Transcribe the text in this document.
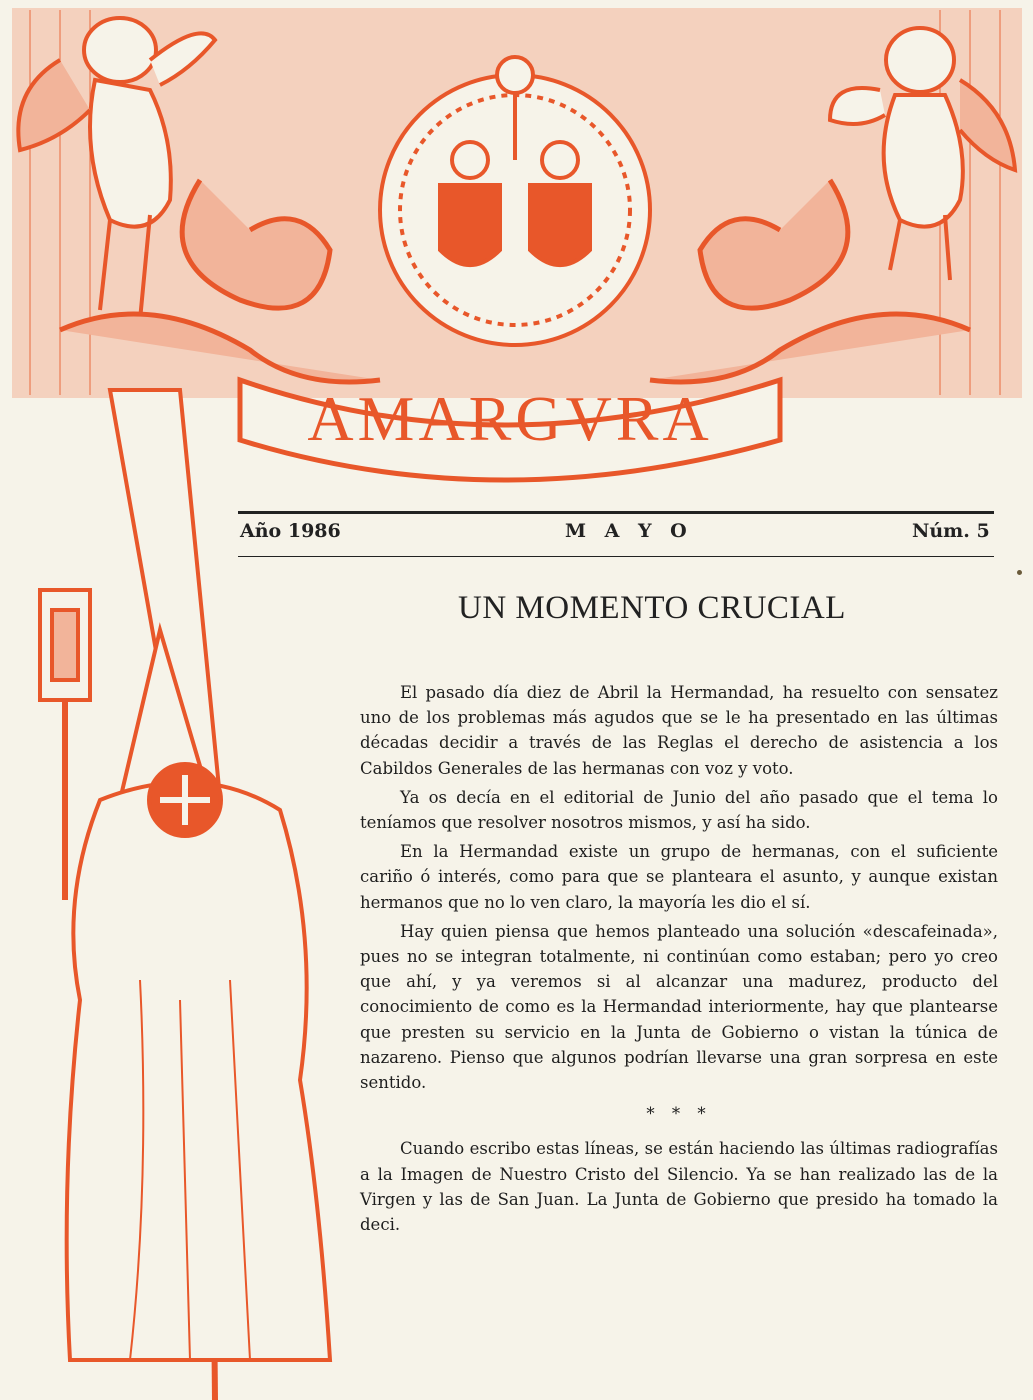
AMARGVRA
Año 1986	M A Y O	Núm. 5
UN MOMENTO CRUCIAL

El pasado día diez de Abril la Hermandad, ha resuelto con sensatez uno de los problemas más agudos que se le ha presentado en las últimas décadas decidir a través de las Reglas el derecho de asistencia a los Cabildos Generales de las hermanas con voz y voto.

Ya os decía en el editorial de Junio del año pasado que el tema lo teníamos que resolver nosotros mismos, y así ha sido.

En la Hermandad existe un grupo de hermanas, con el suficiente cariño ó interés, como para que se planteara el asunto, y aunque existan hermanos que no lo ven claro, la mayoría les dio el sí.

Hay quien piensa que hemos planteado una solución «descafeinada», pues no se integran totalmente, ni continúan como estaban; pero yo creo que ahí, y ya veremos si al alcanzar una madurez, producto del conocimiento de como es la Hermandad interiormente, hay que plantearse que presten su servicio en la Junta de Gobierno o vistan la túnica de nazareno. Pienso que algunos podrían llevarse una gran sorpresa en este sentido.

* * *

Cuando escribo estas líneas, se están haciendo las últimas radiografías a la Imagen de Nuestro Cristo del Silencio. Ya se han realizado las de la Virgen y las de San Juan. La Junta de Gobierno que presido ha tomado la deci.
